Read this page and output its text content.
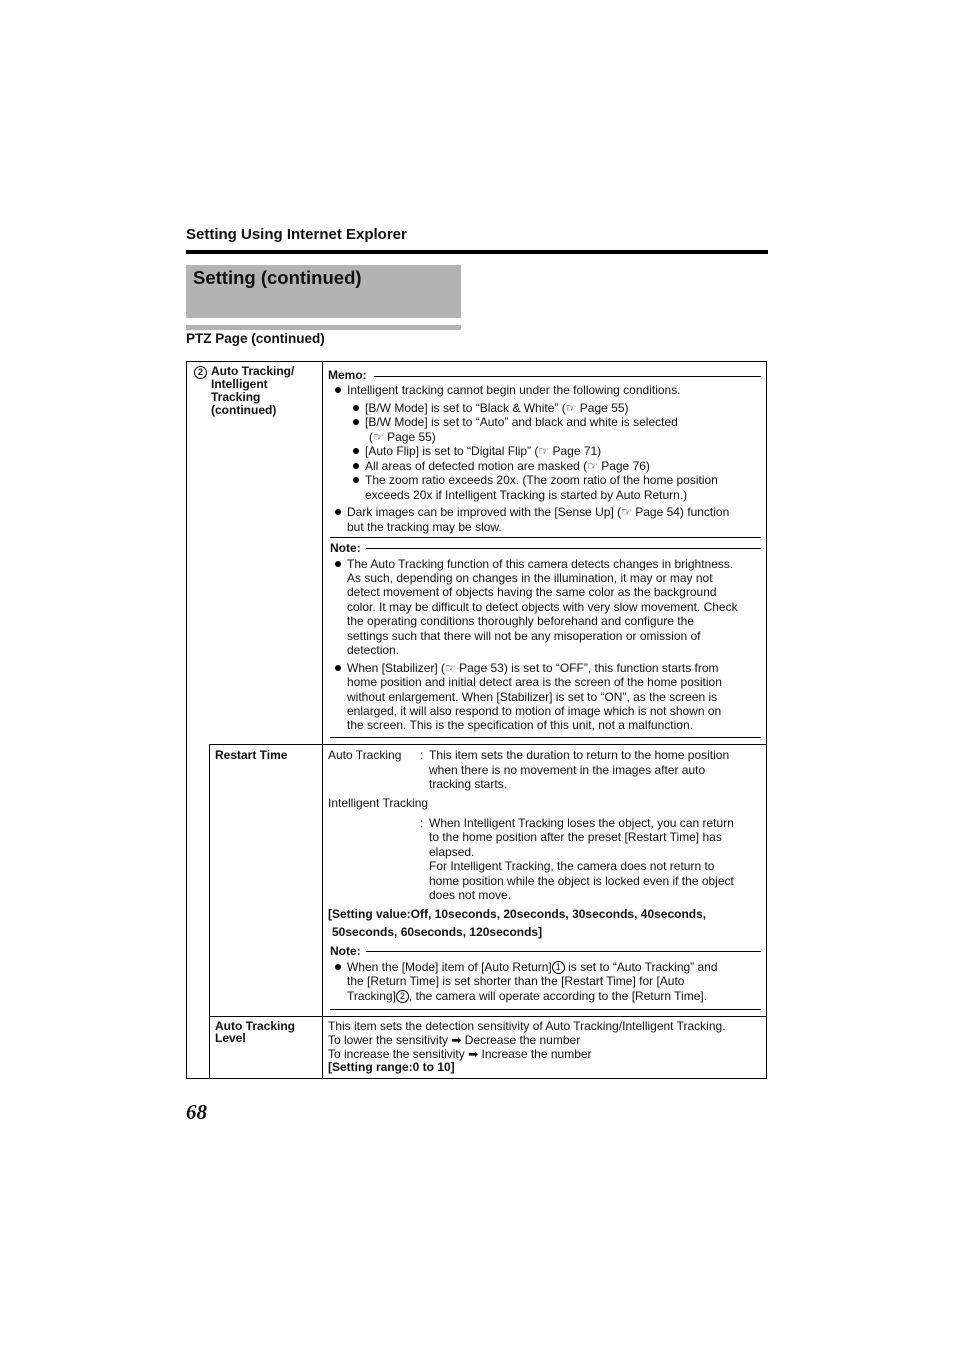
Setting Using Internet Explorer
Setting (continued)
PTZ Page (continued)
2 Auto Tracking/ Intelligent Tracking (continued)
Memo:
Intelligent tracking cannot begin under the following conditions.
[B/W Mode] is set to “Black & White” (☞ Page 55)
[B/W Mode] is set to “Auto” and black and white is selected
(☞ Page 55)
[Auto Flip] is set to “Digital Flip” (☞ Page 71)
All areas of detected motion are masked (☞ Page 76)
The zoom ratio exceeds 20x. (The zoom ratio of the home position
exceeds 20x if Intelligent Tracking is started by Auto Return.)
Dark images can be improved with the [Sense Up] (☞ Page 54) function
but the tracking may be slow.
Note:
The Auto Tracking function of this camera detects changes in brightness.
As such, depending on changes in the illumination, it may or may not
detect movement of objects having the same color as the background
color. It may be difficult to detect objects with very slow movement. Check
the operating conditions thoroughly beforehand and configure the
settings such that there will not be any misoperation or omission of
detection.
When [Stabilizer] (☞ Page 53) is set to “OFF”, this function starts from
home position and initial detect area is the screen of the home position
without enlargement. When [Stabilizer] is set to “ON”, as the screen is
enlarged, it will also respond to motion of image which is not shown on
the screen. This is the specification of this unit, not a malfunction.
Restart Time	Auto Tracking : This item sets the duration to return to the home position
when there is no movement in the images after auto
tracking starts.
Intelligent Tracking
: When Intelligent Tracking loses the object, you can return
to the home position after the preset [Restart Time] has
elapsed.
For Intelligent Tracking, the camera does not return to
home position while the object is locked even if the object
does not move.
[Setting value:Off, 10seconds, 20seconds, 30seconds, 40seconds,
50seconds, 60seconds, 120seconds]
Note:
When the [Mode] item of [Auto Return] 1 is set to “Auto Tracking” and
the [Return Time] is set shorter than the [Restart Time] for [Auto
Tracking] 2 , the camera will operate according to the [Return Time].
Auto Tracking Level
This item sets the detection sensitivity of Auto Tracking/Intelligent Tracking.
To lower the sensitivity ➡ Decrease the number
To increase the sensitivity ➡ Increase the number
[Setting range:0 to 10]
68
